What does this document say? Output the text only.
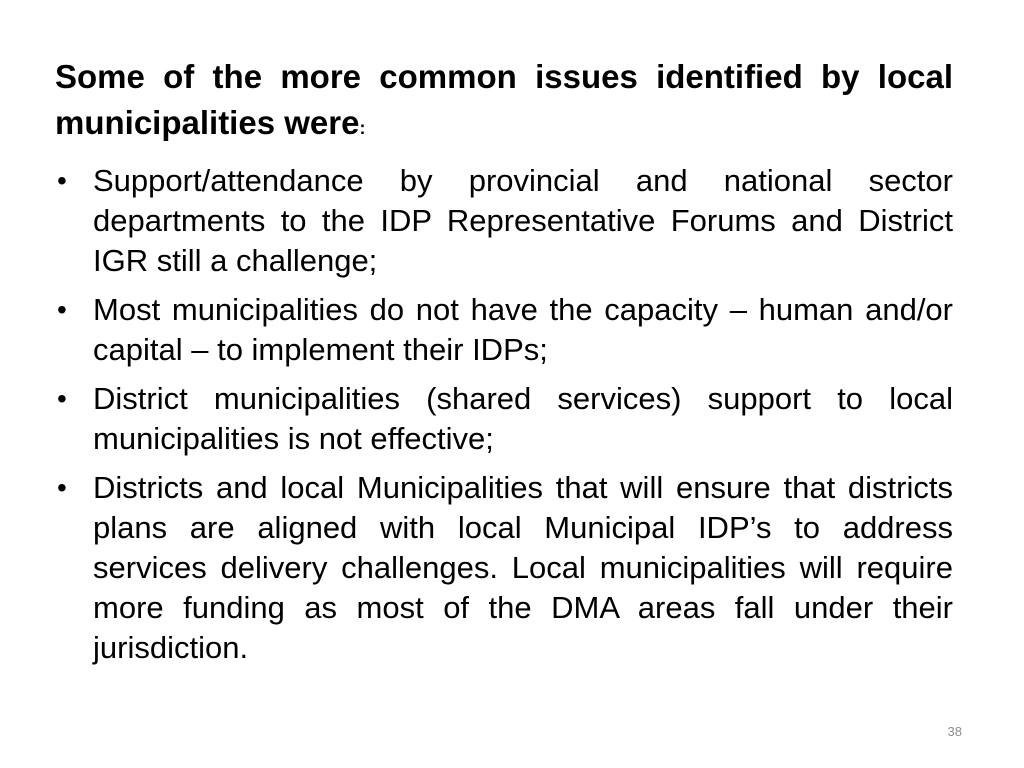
Some of the more common issues identified by local municipalities were:

• Support/attendance by provincial and national sector departments to the IDP Representative Forums and District IGR still a challenge;
• Most municipalities do not have the capacity – human and/or capital – to implement their IDPs;
• District municipalities (shared services) support to local municipalities is not effective;
• Districts and local Municipalities that will ensure that districts plans are aligned with local Municipal IDP’s to address services delivery challenges. Local municipalities will require more funding as most of the DMA areas fall under their jurisdiction.
38
